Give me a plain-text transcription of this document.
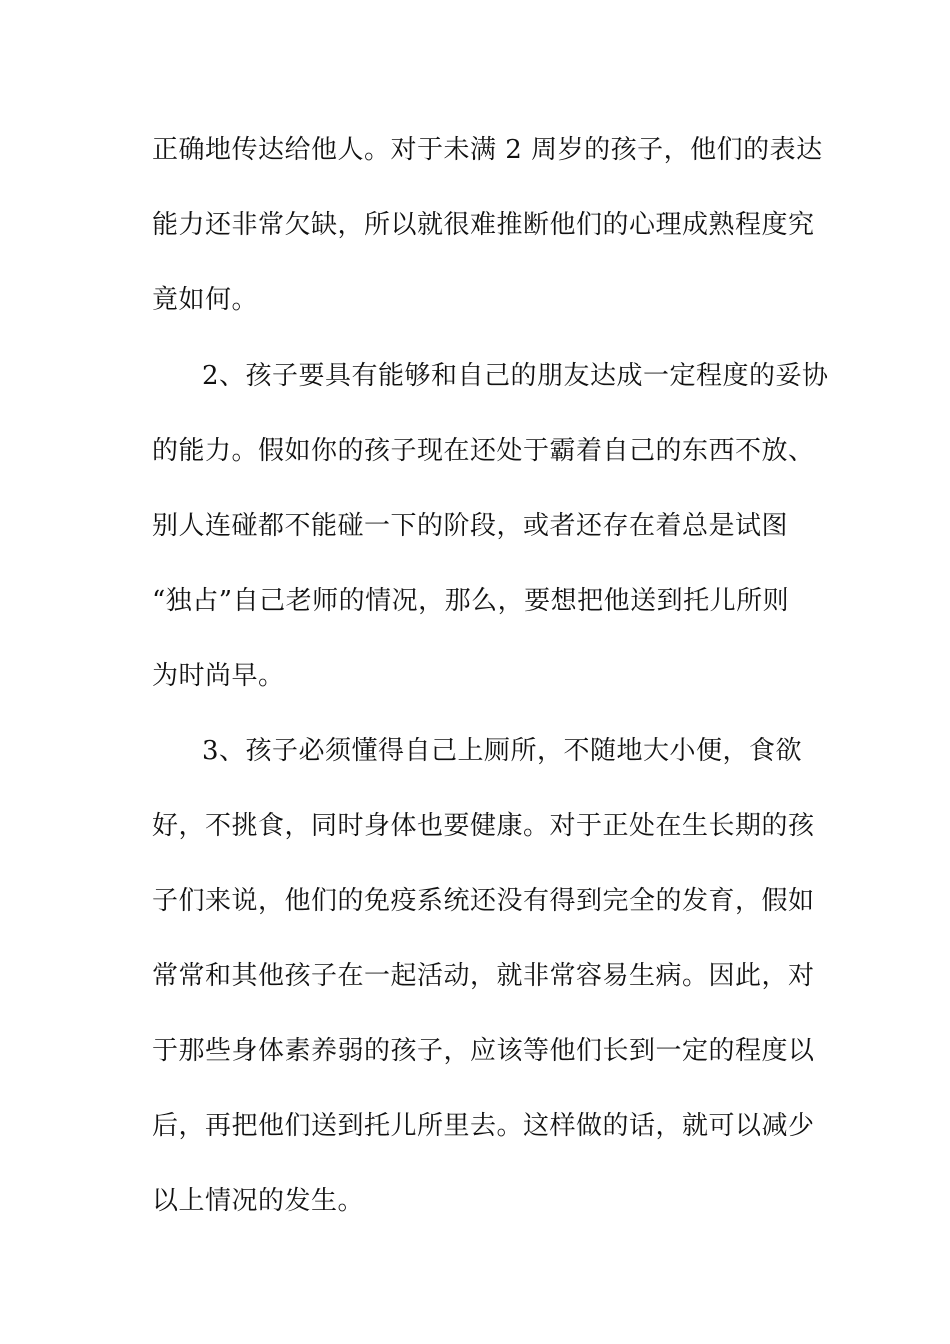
正确地传达给他人。对于未满 2 周岁的孩子，他们的表达
能力还非常欠缺，所以就很难推断他们的心理成熟程度究
竟如何。
2、孩子要具有能够和自己的朋友达成一定程度的妥协
的能力。假如你的孩子现在还处于霸着自己的东西不放、
别人连碰都不能碰一下的阶段，或者还存在着总是试图
“独占”自己老师的情况，那么，要想把他送到托儿所则
为时尚早。
3、孩子必须懂得自己上厕所，不随地大小便，食欲
好，不挑食，同时身体也要健康。对于正处在生长期的孩
子们来说，他们的免疫系统还没有得到完全的发育，假如
常常和其他孩子在一起活动，就非常容易生病。因此，对
于那些身体素养弱的孩子，应该等他们长到一定的程度以
后，再把他们送到托儿所里去。这样做的话，就可以减少
以上情况的发生。
